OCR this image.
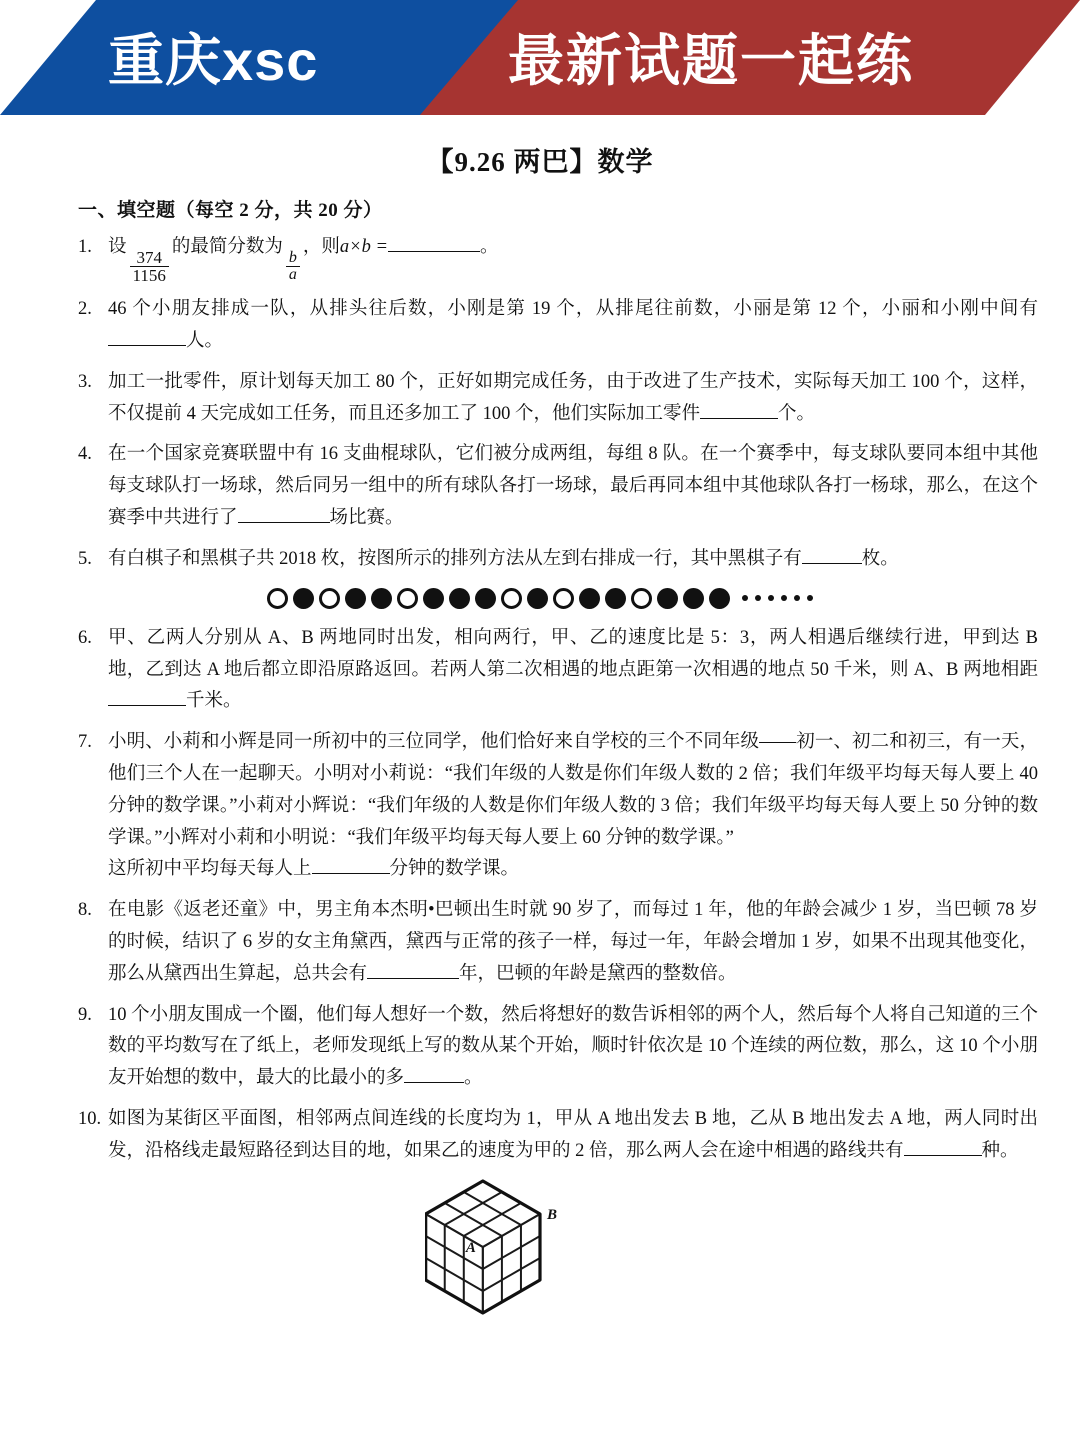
重庆xsc	最新试题一起练
【9.26 两巴】数学
一、填空题（每空 2 分，共 20 分）
1. 设
$\frac{374}{1156}$
的最简分数为
$\frac{b}{a}$
，则a×b =	。
2. 46 个小朋友排成一队，从排头往后数，小刚是第 19 个，从排尾往前数，小丽是第 12 个，小丽和小刚中间有人。
3. 加工一批零件，原计划每天加工 80 个，正好如期完成任务，由于改进了生产技术，实际每天加工 100 个，这样，不仅提前 4 天完成如工任务，而且还多加工了 100 个，他们实际加工零件	个。
4. 在一个国家竞赛联盟中有 16 支曲棍球队，它们被分成两组，每组 8 队。在一个赛季中，每支球队要同本组中其他每支球队打一场球，然后同另一组中的所有球队各打一场球，最后再同本组中其他球队各打一杨球，那么，在这个赛季中共进行了	场比赛。
5. 有白棋子和黑棋子共 2018 枚，按图所示的排列方法从左到右排成一行，其中黑棋子有	枚。
6. 甲、乙两人分别从 A、B 两地同时出发，相向两行，甲、乙的速度比是 5：3，两人相遇后继续行进，甲到达 B 地，乙到达 A 地后都立即沿原路返回。若两人第二次相遇的地点距第一次相遇的地点 50 千米，则 A、B 两地相距千米。
7. 小明、小莉和小辉是同一所初中的三位同学，他们恰好来自学校的三个不同年级——初一、初二和初三，有一天，他们三个人在一起聊天。小明对小莉说：“我们年级的人数是你们年级人数的 2 倍；我们年级平均每天每人要上 40 分钟的数学课。”小莉对小辉说：“我们年级的人数是你们年级人数的 3 倍；我们年级平均每天每人要上 50 分钟的数学课。”小辉对小莉和小明说：“我们年级平均每天每人要上 60 分钟的数学课。”

这所初中平均每天每人上	分钟的数学课。

8. 在电影《返老还童》中，男主角本杰明•巴顿出生时就 90 岁了，而每过 1 年，他的年龄会减少 1 岁，当巴顿 78 岁的时候，结识了 6 岁的女主角黛西，黛西与正常的孩子一样，每过一年，年龄会增加 1 岁，如果不出现其他变化，那么从黛西出生算起，总共会有	年，巴顿的年龄是黛西的整数倍。
9. 10 个小朋友围成一个圈，他们每人想好一个数，然后将想好的数告诉相邻的两个人，然后每个人将自己知道的三个数的平均数写在了纸上，老师发现纸上写的数从某个开始，顺时针依次是 10 个连续的两位数，那么，这 10 个小朋友开始想的数中，最大的比最小的多	。
10. 如图为某街区平面图，相邻两点间连线的长度均为 1，甲从 A 地出发去 B 地，乙从 B 地出发去 A 地，两人同时出发，沿格线走最短路径到达目的地，如果乙的速度为甲的 2 倍，那么两人会在途中相遇的路线共有	种。
A
B
